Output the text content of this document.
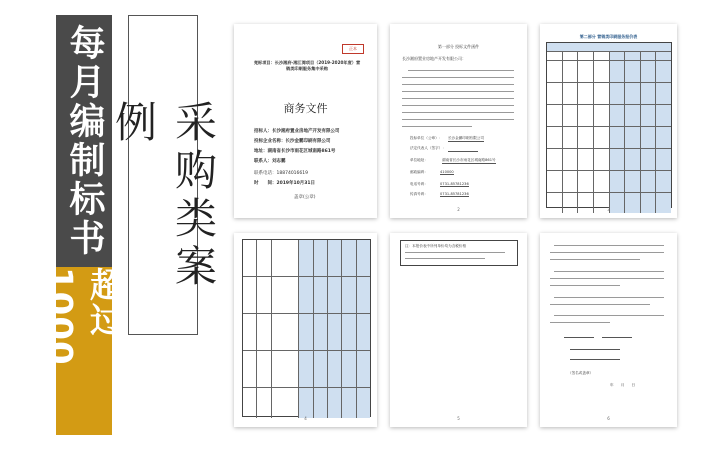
每月编制标书
超过1000
采购类案例
正本
竞标项目：长沙湘府-湘江湾项目（2019-2020年度）营销类印刷服务集中采购
商务文件
招标人：长沙湘府置业房地产开发有限公司
投标企业名称：长沙金鹏印刷有限公司
地址：湖南省长沙市雨花区城南路861号
联系人：刘志鹏
联系电话：18874016619
时　　间：2019年10月31日
盖章(公章)
第一部分 投标文件函件
长沙湘府置业房地产开发有限公司：
投标单位（公章）： 长沙金鹏印刷有限公司
法定代表人（签字）：
单位地址：	湖南省长沙市雨花区城南路861号
邮政编码：	410000
电话号码：	0731-85781236
传真号码：	0731-85781236
2
第二部分 营销类印刷服务报价表
3
4
注：本报价表中所列单价均为含税价格
5
（签名或盖章）
年　　月　　日
6
